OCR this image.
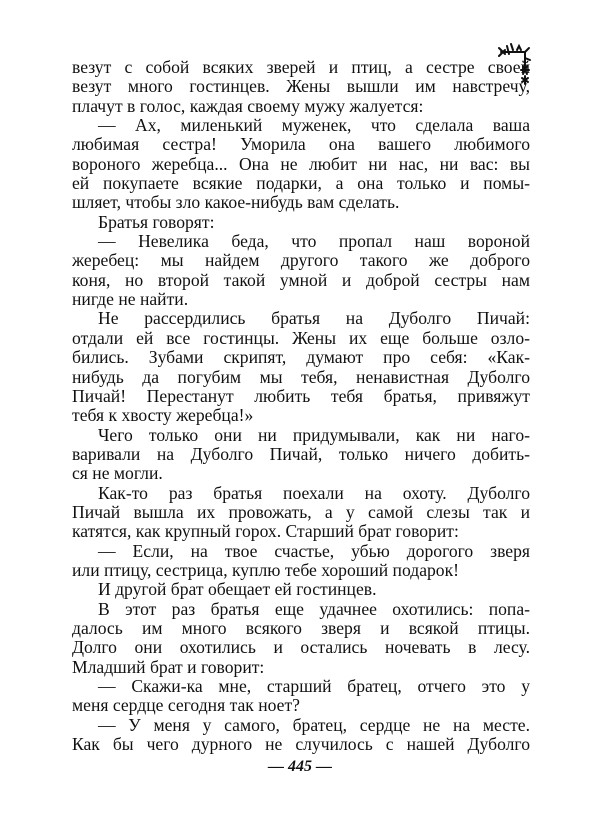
везут с собой всяких зверей и птиц, а сестре своей
везут много гостинцев. Жены вышли им навстречу,
плачут в голос, каждая своему мужу жалуется:
— Ах, миленький муженек, что сделала ваша
любимая сестра! Уморила она вашего любимого
вороного жеребца... Она не любит ни нас, ни вас: вы
ей покупаете всякие подарки, а она только и помы-
шляет, чтобы зло какое-нибудь вам сделать.
Братья говорят:
— Невелика беда, что пропал наш вороной
жеребец: мы найдем другого такого же доброго
коня, но второй такой умной и доброй сестры нам
нигде не найти.
Не рассердились братья на Дуболго Пичай:
отдали ей все гостинцы. Жены их еще больше озло-
бились. Зубами скрипят, думают про себя: «Как-
нибудь да погубим мы тебя, ненавистная Дуболго
Пичай! Перестанут любить тебя братья, привяжут
тебя к хвосту жеребца!»
Чего только они ни придумывали, как ни наго-
варивали на Дуболго Пичай, только ничего добить-
ся не могли.
Как-то раз братья поехали на охоту. Дуболго
Пичай вышла их провожать, а у самой слезы так и
катятся, как крупный горох. Старший брат говорит:
— Если, на твое счастье, убью дорогого зверя
или птицу, сестрица, куплю тебе хороший подарок!
И другой брат обещает ей гостинцев.
В этот раз братья еще удачнее охотились: попа-
далось им много всякого зверя и всякой птицы.
Долго они охотились и остались ночевать в лесу.
Младший брат и говорит:
— Скажи-ка мне, старший братец, отчего это у
меня сердце сегодня так ноет?
— У меня у самого, братец, сердце не на месте.
Как бы чего дурного не случилось с нашей Дуболго
— 445 —
